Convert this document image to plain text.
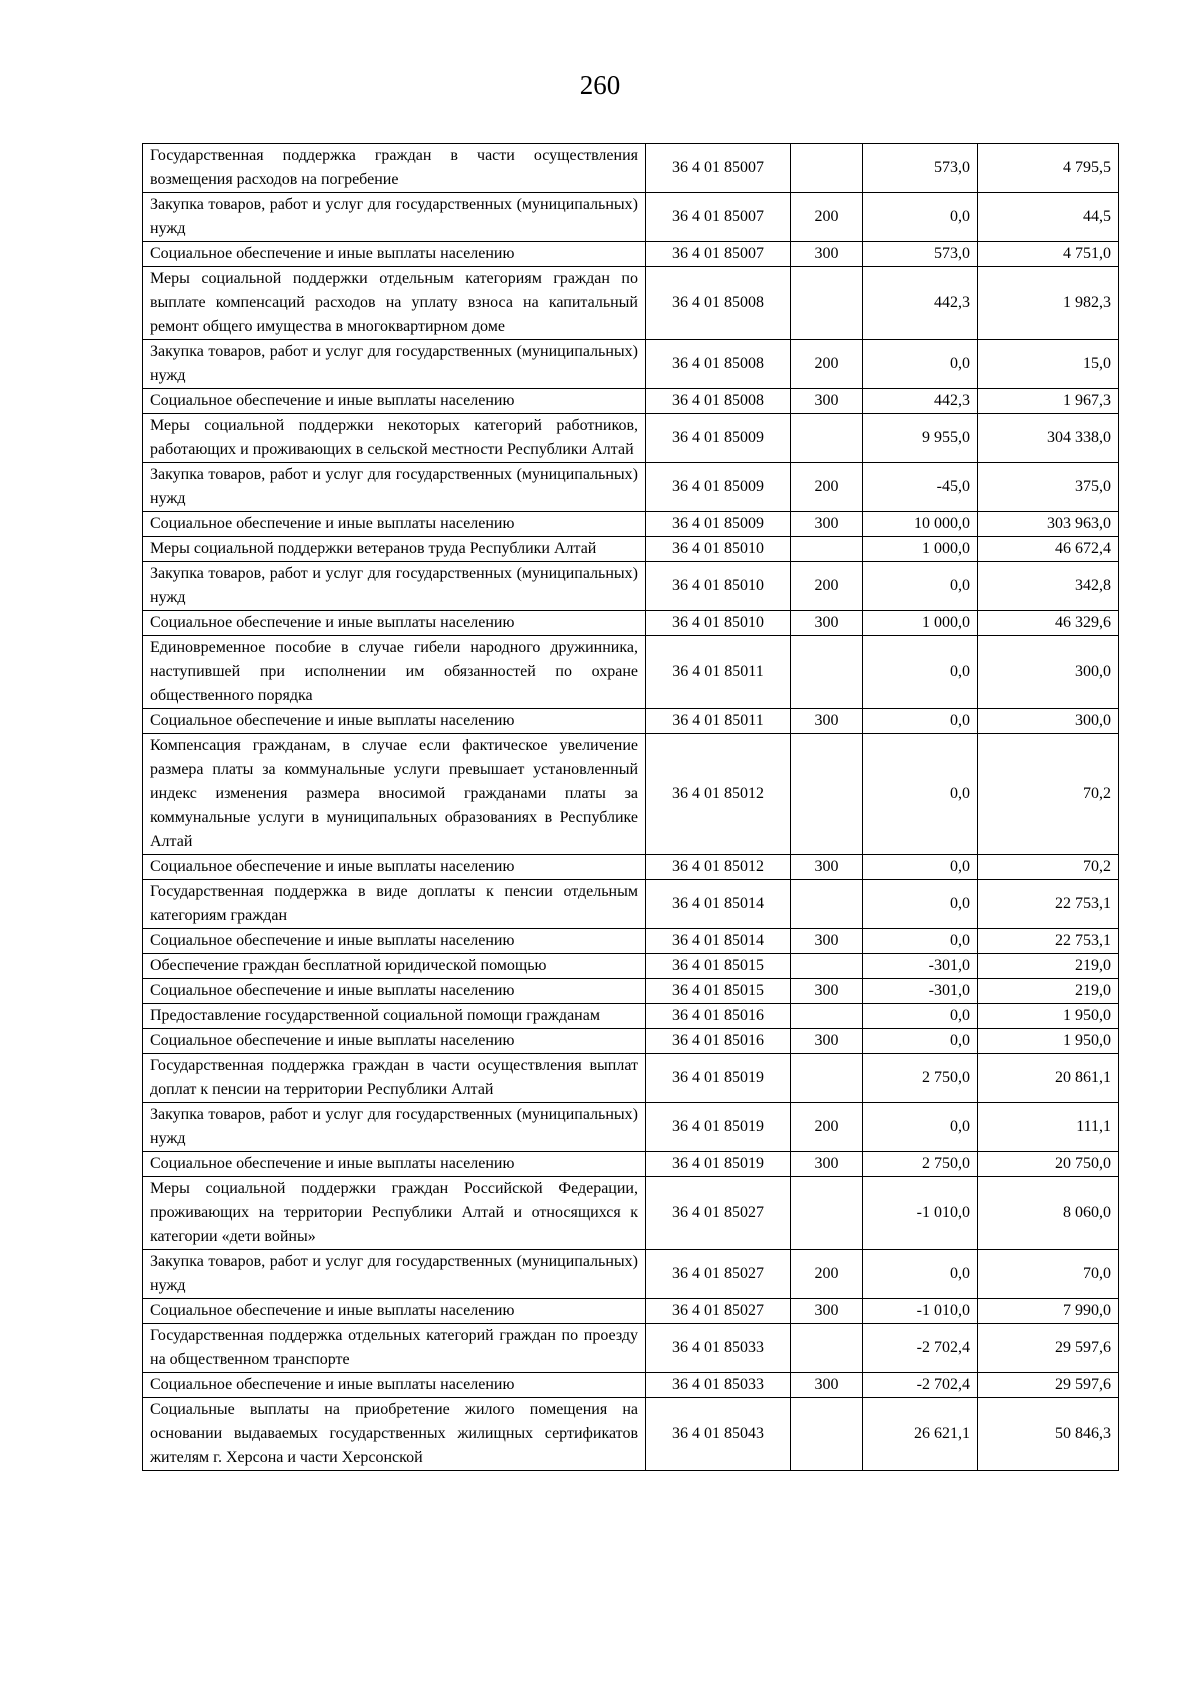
260
Государственная поддержка граждан в части осуществления возмещения расходов на погребение	36 4 01 85007		573,0	4 795,5
Закупка товаров, работ и услуг для государственных (муниципальных) нужд	36 4 01 85007	200	0,0	44,5
Социальное обеспечение и иные выплаты населению	36 4 01 85007	300	573,0	4 751,0
Меры социальной поддержки отдельным категориям граждан по выплате компенсаций расходов на уплату взноса на капитальный ремонт общего имущества в многоквартирном доме	36 4 01 85008		442,3	1 982,3
Закупка товаров, работ и услуг для государственных (муниципальных) нужд	36 4 01 85008	200	0,0	15,0
Социальное обеспечение и иные выплаты населению	36 4 01 85008	300	442,3	1 967,3
Меры социальной поддержки некоторых категорий работников, работающих и проживающих в сельской местности Республики Алтай	36 4 01 85009		9 955,0	304 338,0
Закупка товаров, работ и услуг для государственных (муниципальных) нужд	36 4 01 85009	200	-45,0	375,0
Социальное обеспечение и иные выплаты населению	36 4 01 85009	300	10 000,0	303 963,0
Меры социальной поддержки ветеранов труда Республики Алтай	36 4 01 85010		1 000,0	46 672,4
Закупка товаров, работ и услуг для государственных (муниципальных) нужд	36 4 01 85010	200	0,0	342,8
Социальное обеспечение и иные выплаты населению	36 4 01 85010	300	1 000,0	46 329,6
Единовременное пособие в случае гибели народного дружинника, наступившей при исполнении им обязанностей по охране общественного порядка	36 4 01 85011		0,0	300,0
Социальное обеспечение и иные выплаты населению	36 4 01 85011	300	0,0	300,0
Компенсация гражданам, в случае если фактическое увеличение размера платы за коммунальные услуги превышает установленный индекс изменения размера вносимой гражданами платы за коммунальные услуги в муниципальных образованиях в Республике Алтай	36 4 01 85012		0,0	70,2
Социальное обеспечение и иные выплаты населению	36 4 01 85012	300	0,0	70,2
Государственная поддержка в виде доплаты к пенсии отдельным категориям граждан	36 4 01 85014		0,0	22 753,1
Социальное обеспечение и иные выплаты населению	36 4 01 85014	300	0,0	22 753,1
Обеспечение граждан бесплатной юридической помощью	36 4 01 85015		-301,0	219,0
Социальное обеспечение и иные выплаты населению	36 4 01 85015	300	-301,0	219,0
Предоставление государственной социальной помощи гражданам	36 4 01 85016		0,0	1 950,0
Социальное обеспечение и иные выплаты населению	36 4 01 85016	300	0,0	1 950,0
Государственная поддержка граждан в части осуществления выплат доплат к пенсии на территории Республики Алтай	36 4 01 85019		2 750,0	20 861,1
Закупка товаров, работ и услуг для государственных (муниципальных) нужд	36 4 01 85019	200	0,0	111,1
Социальное обеспечение и иные выплаты населению	36 4 01 85019	300	2 750,0	20 750,0
Меры социальной поддержки граждан Российской Федерации, проживающих на территории Республики Алтай и относящихся к категории «дети войны»	36 4 01 85027		-1 010,0	8 060,0
Закупка товаров, работ и услуг для государственных (муниципальных) нужд	36 4 01 85027	200	0,0	70,0
Социальное обеспечение и иные выплаты населению	36 4 01 85027	300	-1 010,0	7 990,0
Государственная поддержка отдельных категорий граждан по проезду на общественном транспорте	36 4 01 85033		-2 702,4	29 597,6
Социальное обеспечение и иные выплаты населению	36 4 01 85033	300	-2 702,4	29 597,6
Социальные выплаты на приобретение жилого помещения на основании выдаваемых государственных жилищных сертификатов жителям г. Херсона и части Херсонской	36 4 01 85043		26 621,1	50 846,3
